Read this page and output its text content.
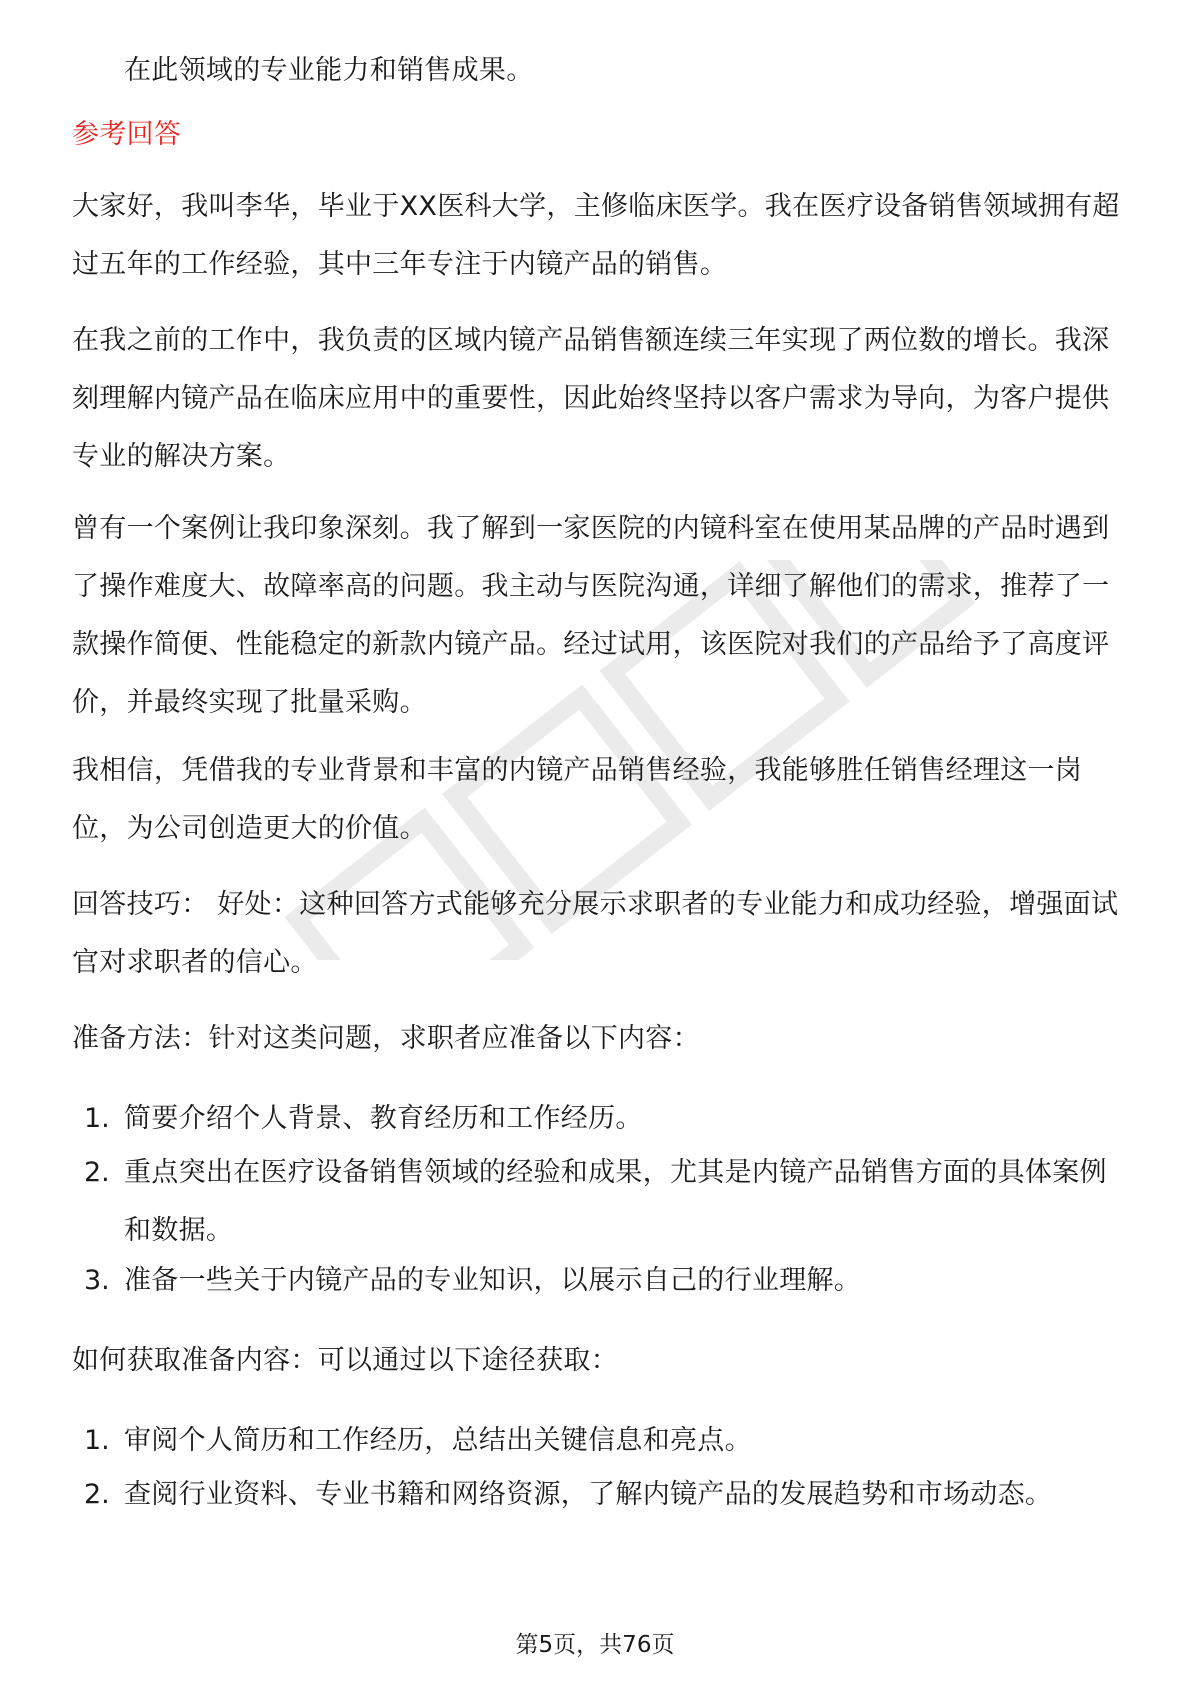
在此领域的专业能力和销售成果。
参考回答
大家好，我叫李华，毕业于XX医科大学，主修临床医学。我在医疗设备销售领域拥有超过五年的工作经验，其中三年专注于内镜产品的销售。
在我之前的工作中，我负责的区域内镜产品销售额连续三年实现了两位数的增长。我深刻理解内镜产品在临床应用中的重要性，因此始终坚持以客户需求为导向，为客户提供专业的解决方案。
曾有一个案例让我印象深刻。我了解到一家医院的内镜科室在使用某品牌的产品时遇到了操作难度大、故障率高的问题。我主动与医院沟通，详细了解他们的需求，推荐了一款操作简便、性能稳定的新款内镜产品。经过试用，该医院对我们的产品给予了高度评价，并最终实现了批量采购。
我相信，凭借我的专业背景和丰富的内镜产品销售经验，我能够胜任销售经理这一岗位，为公司创造更大的价值。
回答技巧： 好处：这种回答方式能够充分展示求职者的专业能力和成功经验，增强面试官对求职者的信心。
准备方法：针对这类问题，求职者应准备以下内容：
1. 简要介绍个人背景、教育经历和工作经历。
2. 重点突出在医疗设备销售领域的经验和成果，尤其是内镜产品销售方面的具体案例和数据。
3. 准备一些关于内镜产品的专业知识，以展示自己的行业理解。
如何获取准备内容：可以通过以下途径获取：
1. 审阅个人简历和工作经历，总结出关键信息和亮点。
2. 查阅行业资料、专业书籍和网络资源，了解内镜产品的发展趋势和市场动态。
第5页，共76页
